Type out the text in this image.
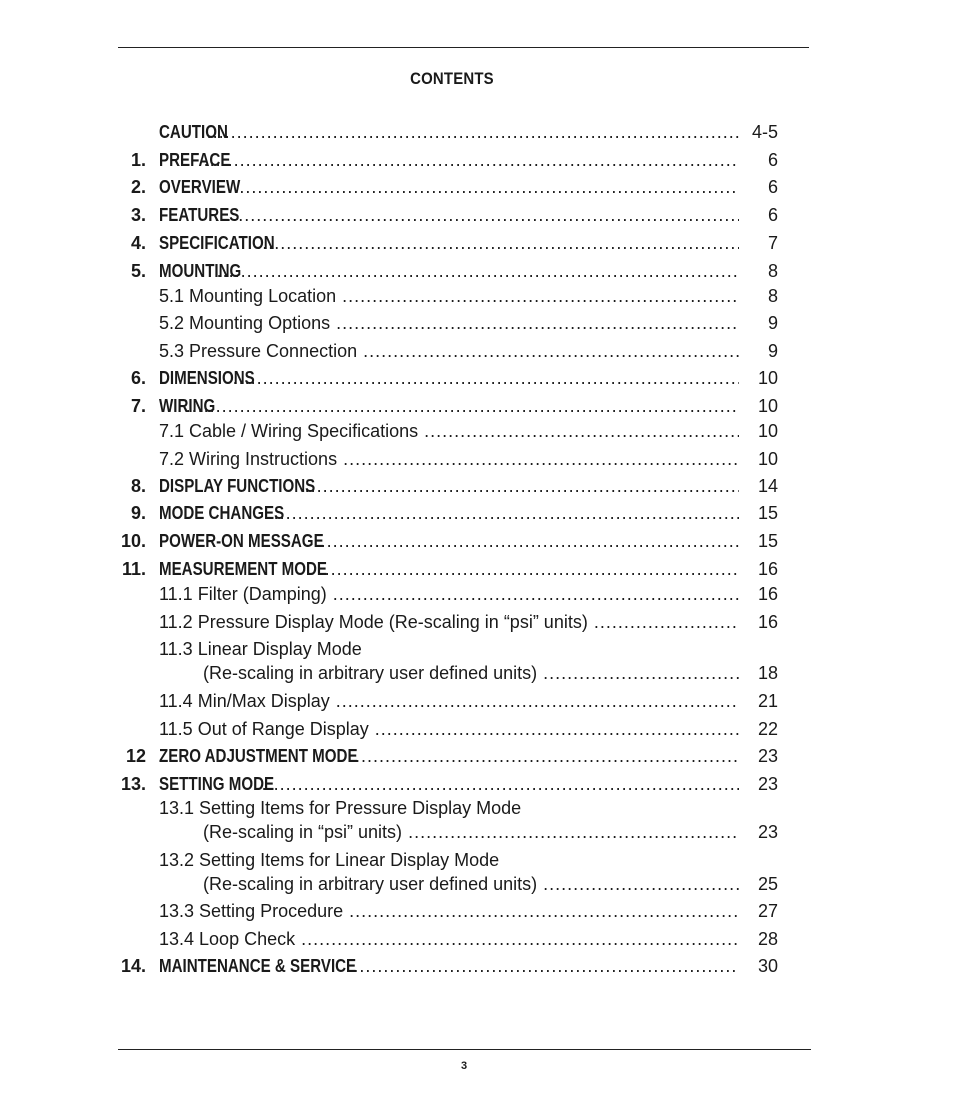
CONTENTS
CAUTION .....	4-5
1. PREFACE .....	6
2. OVERVIEW .....	6
3. FEATURES .....	6
4. SPECIFICATION .....	7
5. MOUNTING .....	8
5.1 Mounting Location .....	8
5.2 Mounting Options .....	9
5.3 Pressure Connection .....	9
6. DIMENSIONS .....	10
7. WIRING .....	10
7.1 Cable / Wiring Specifications .....	10
7.2 Wiring Instructions .....	10
8. DISPLAY FUNCTIONS .....	14
9. MODE CHANGES .....	15
10. POWER-ON MESSAGE .....	15
11. MEASUREMENT MODE .....	16
11.1 Filter (Damping) .....	16
11.2 Pressure Display Mode (Re-scaling in “psi” units) .....	16
11.3 Linear Display Mode
(Re-scaling in arbitrary user defined units) .....	18
11.4 Min/Max Display .....	21
11.5 Out of Range Display .....	22
12 ZERO ADJUSTMENT MODE .....	23
13. SETTING MODE .....	23
13.1 Setting Items for Pressure Display Mode
(Re-scaling in “psi” units) .....	23
13.2 Setting Items for Linear Display Mode
(Re-scaling in arbitrary user defined units) .....	25
13.3 Setting Procedure .....	27
13.4 Loop Check .....	28
14. MAINTENANCE & SERVICE .....	30
3
